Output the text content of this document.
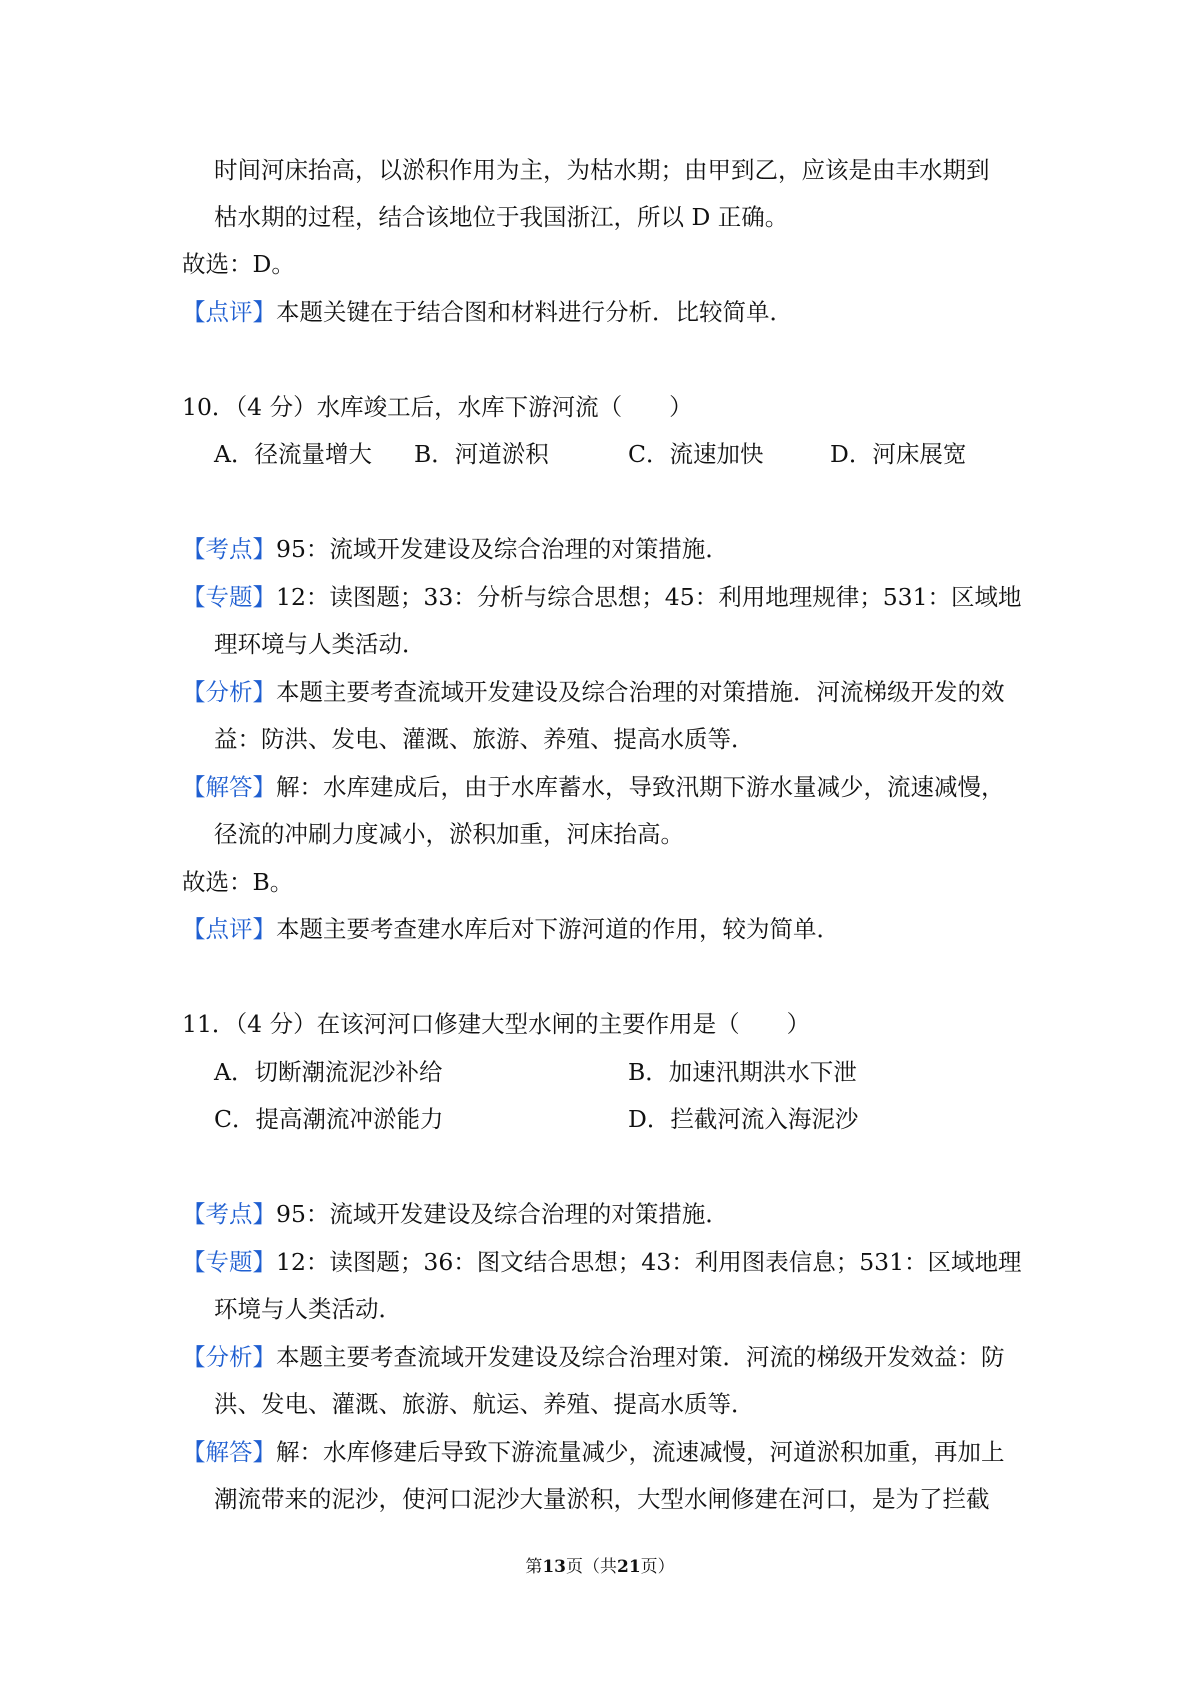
时间河床抬高，以淤积作用为主，为枯水期；由甲到乙，应该是由丰水期到
枯水期的过程，结合该地位于我国浙江，所以 D 正确。
故选：D。
【点评】本题关键在于结合图和材料进行分析．比较简单．
10．（4 分）水库竣工后，水库下游河流（　　）
A．径流量增大 B．河道淤积	C．流速加快	D．河床展宽
【考点】95：流域开发建设及综合治理的对策措施．
【专题】12：读图题；33：分析与综合思想；45：利用地理规律；531：区域地
理环境与人类活动．
【分析】本题主要考查流域开发建设及综合治理的对策措施．河流梯级开发的效
益：防洪、发电、灌溉、旅游、养殖、提高水质等．
【解答】解：水库建成后，由于水库蓄水，导致汛期下游水量减少，流速减慢，
径流的冲刷力度减小，淤积加重，河床抬高。
故选：B。
【点评】本题主要考查建水库后对下游河道的作用，较为简单．
11．（4 分）在该河河口修建大型水闸的主要作用是（　　）
A．切断潮流泥沙补给	B．加速汛期洪水下泄
C．提高潮流冲淤能力	D．拦截河流入海泥沙
【考点】95：流域开发建设及综合治理的对策措施．
【专题】12：读图题；36：图文结合思想；43：利用图表信息；531：区域地理
环境与人类活动．
【分析】本题主要考查流域开发建设及综合治理对策．河流的梯级开发效益：防
洪、发电、灌溉、旅游、航运、养殖、提高水质等．
【解答】解：水库修建后导致下游流量减少，流速减慢，河道淤积加重，再加上
潮流带来的泥沙，使河口泥沙大量淤积，大型水闸修建在河口，是为了拦截
第13页（共21页）
